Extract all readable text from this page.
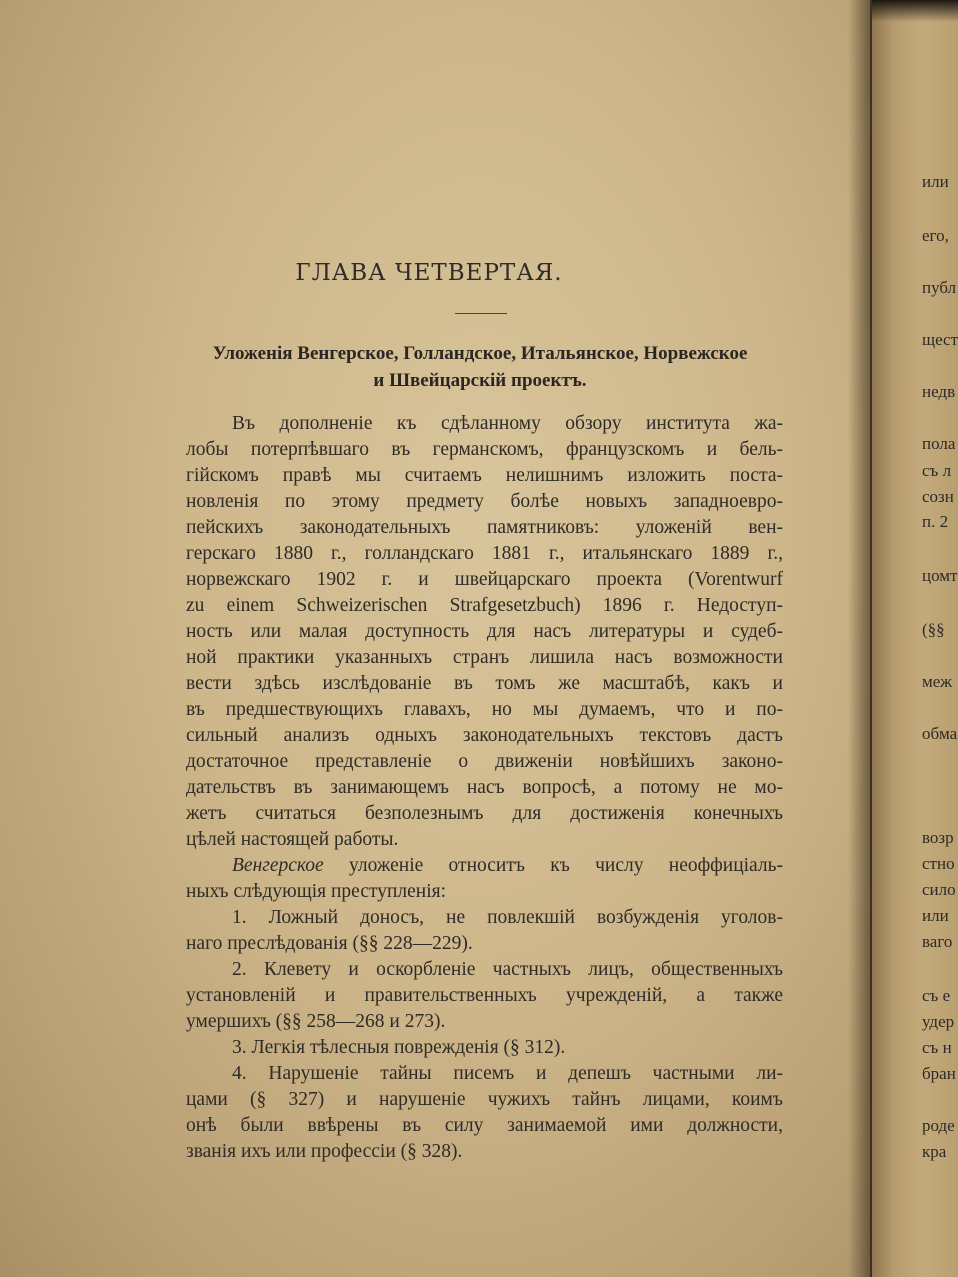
ГЛАВА ЧЕТВЕРТАЯ.
Уложенія Венгерское, Голландское, Итальянское, Норвежское
и Швейцарскій проектъ.
Въ дополненіе къ сдѣланному обзору института жа-
лобы потерпѣвшаго въ германскомъ, французскомъ и бель-
гійскомъ правѣ мы считаемъ нелишнимъ изложить поста-
новленія по этому предмету болѣе новыхъ западноевро-
пейскихъ законодательныхъ памятниковъ: уложеній вен-
герскаго 1880 г., голландскаго 1881 г., итальянскаго 1889 г.,
норвежскаго 1902 г. и швейцарскаго проекта (Vorentwurf
zu einem Schweizerischen Strafgesetzbuch) 1896 г. Недоступ-
ность или малая доступность для насъ литературы и судеб-
ной практики указанныхъ странъ лишила насъ возможности
вести здѣсь изслѣдованіе въ томъ же масштабѣ, какъ и
въ предшествующихъ главахъ, но мы думаемъ, что и по-
сильный анализъ одныхъ законодательныхъ текстовъ дастъ
достаточное представленіе о движеніи новѣйшихъ законо-
дательствъ въ занимающемъ насъ вопросѣ, а потому не мо-
жетъ считаться безполезнымъ для достиженія конечныхъ
цѣлей настоящей работы.
Венгерское уложеніе относитъ къ числу неоффиціаль-
ныхъ слѣдующія преступленія:
1. Ложный доносъ, не повлекшій возбужденія уголов-
наго преслѣдованія (§§ 228—229).
2. Клевету и оскорбленіе частныхъ лицъ, общественныхъ
установленій и правительственныхъ учрежденій, а также
умершихъ (§§ 258—268 и 273).
3. Легкія тѣлесныя поврежденія (§ 312).
4. Нарушеніе тайны писемъ и депешъ частными ли-
цами (§ 327) и нарушеніе чужихъ тайнъ лицами, коимъ
онѣ были ввѣрены въ силу занимаемой ими должности,
званія ихъ или профессіи (§ 328).
или
его,
публ
щест
недв
пола
съ л
созн
п. 2
цомт
(§§
меж
обма
возр
стно
сило
или
ваго
съ е
удер
съ н
бран
роде
кра
